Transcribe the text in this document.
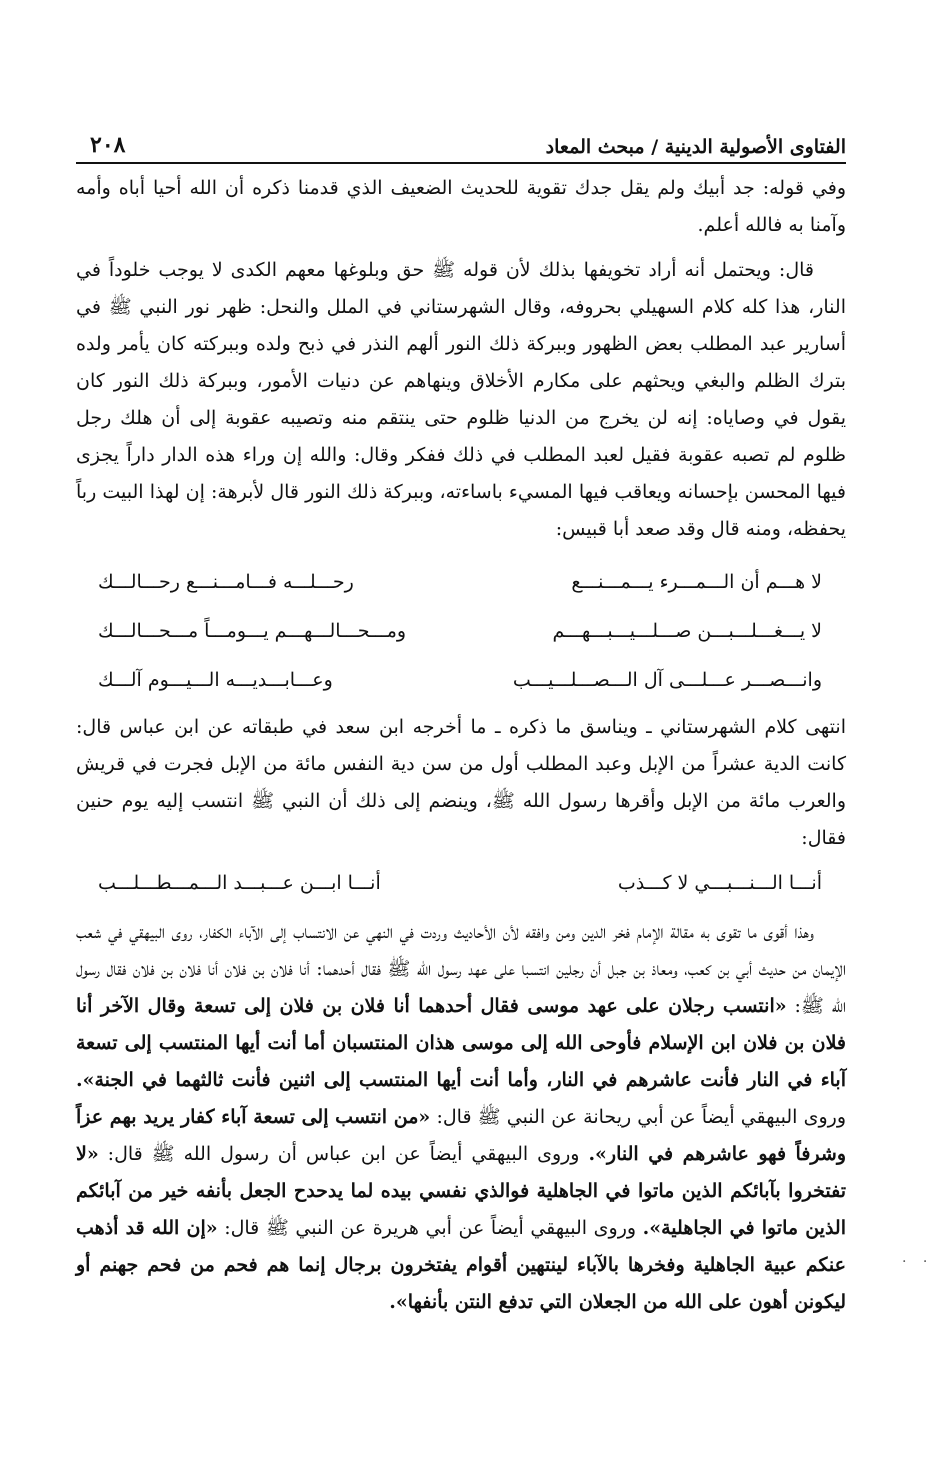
الفتاوى الأصولية الدينية / مبحث المعاد
٢٠٨

وفي قوله: جد أبيك ولم يقل جدك تقوية للحديث الضعيف الذي قدمنا ذكره أن الله أحيا أباه وأمه وآمنا به فالله أعلم.

قال: ويحتمل أنه أراد تخويفها بذلك لأن قوله ﷺ حق وبلوغها معهم الكدى لا يوجب خلوداً في النار، هذا كله كلام السهيلي بحروفه، وقال الشهرستاني في الملل والنحل: ظهر نور النبي ﷺ في أسارير عبد المطلب بعض الظهور وببركة ذلك النور ألهم النذر في ذبح ولده وببركته كان يأمر ولده بترك الظلم والبغي ويحثهم على مكارم الأخلاق وينهاهم عن دنيات الأمور، وببركة ذلك النور كان يقول في وصاياه: إنه لن يخرج من الدنيا ظلوم حتى ينتقم منه وتصيبه عقوبة إلى أن هلك رجل ظلوم لم تصبه عقوبة فقيل لعبد المطلب في ذلك ففكر وقال: والله إن وراء هذه الدار داراً يجزى فيها المحسن بإحسانه ويعاقب فيها المسيء باساءته، وببركة ذلك النور قال لأبرهة: إن لهذا البيت رباً يحفظه، ومنه قال وقد صعد أبا قبيس:

لا هـــم أن الـــمـــرء يـــمـــنـــع
رحـــلـــه فـــامـــنـــع رحـــالـــك
لا يـــغـــلـــبـــن صـــلـــيـــبـــهـــم
ومـــحـــالـــهـــم يـــومـــاً مـــحـــالـــك
وانـــصـــر عـــلـــى آل الـــصـــلـــيـــب
وعـــابـــديـــه الـــيـــوم آلـــك

انتهى كلام الشهرستاني ـ ويناسق ما ذكره ـ ما أخرجه ابن سعد في طبقاته عن ابن عباس قال: كانت الدية عشراً من الإبل وعبد المطلب أول من سن دية النفس مائة من الإبل فجرت في قريش والعرب مائة من الإبل وأقرها رسول الله ﷺ، وينضم إلى ذلك أن النبي ﷺ انتسب إليه يوم حنين فقال:

أنـــا الـــنـــبـــي لا كـــذب
أنـــا ابـــن عـــبـــد الـــمـــطـــلـــب

وهذا أقوى ما تقوى به مقالة الإمام فخر الدين ومن وافقه لأن الأحاديث وردت في النهي عن الانتساب إلى الآباء الكفار، روى البيهقي في شعب الإيمان من حديث أبي بن كعب، ومعاذ بن جبل أن رجلين انتسبا على عهد رسول الله ﷺ فقال أحدهما: أنا فلان بن فلان أنا فلان بن فلان فقال رسول الله ﷺ: «انتسب رجلان على عهد موسى فقال أحدهما أنا فلان بن فلان إلى تسعة وقال الآخر أنا فلان بن فلان ابن الإسلام فأوحى الله إلى موسى هذان المنتسبان أما أنت أيها المنتسب إلى تسعة آباء في النار فأنت عاشرهم في النار، وأما أنت أيها المنتسب إلى اثنين فأنت ثالثهما في الجنة». وروى البيهقي أيضاً عن أبي ريحانة عن النبي ﷺ قال: «من انتسب إلى تسعة آباء كفار يريد بهم عزاً وشرفاً فهو عاشرهم في النار». وروى البيهقي أيضاً عن ابن عباس أن رسول الله ﷺ قال: «لا تفتخروا بآبائكم الذين ماتوا في الجاهلية فوالذي نفسي بيده لما يدحدح الجعل بأنفه خير من آبائكم الذين ماتوا في الجاهلية». وروى البيهقي أيضاً عن أبي هريرة عن النبي ﷺ قال: «إن الله قد أذهب عنكم عبية الجاهلية وفخرها بالآباء لينتهين أقوام يفتخرون برجال إنما هم فحم من فحم جهنم أو ليكونن أهون على الله من الجعلان التي تدفع النتن بأنفها».

. .
